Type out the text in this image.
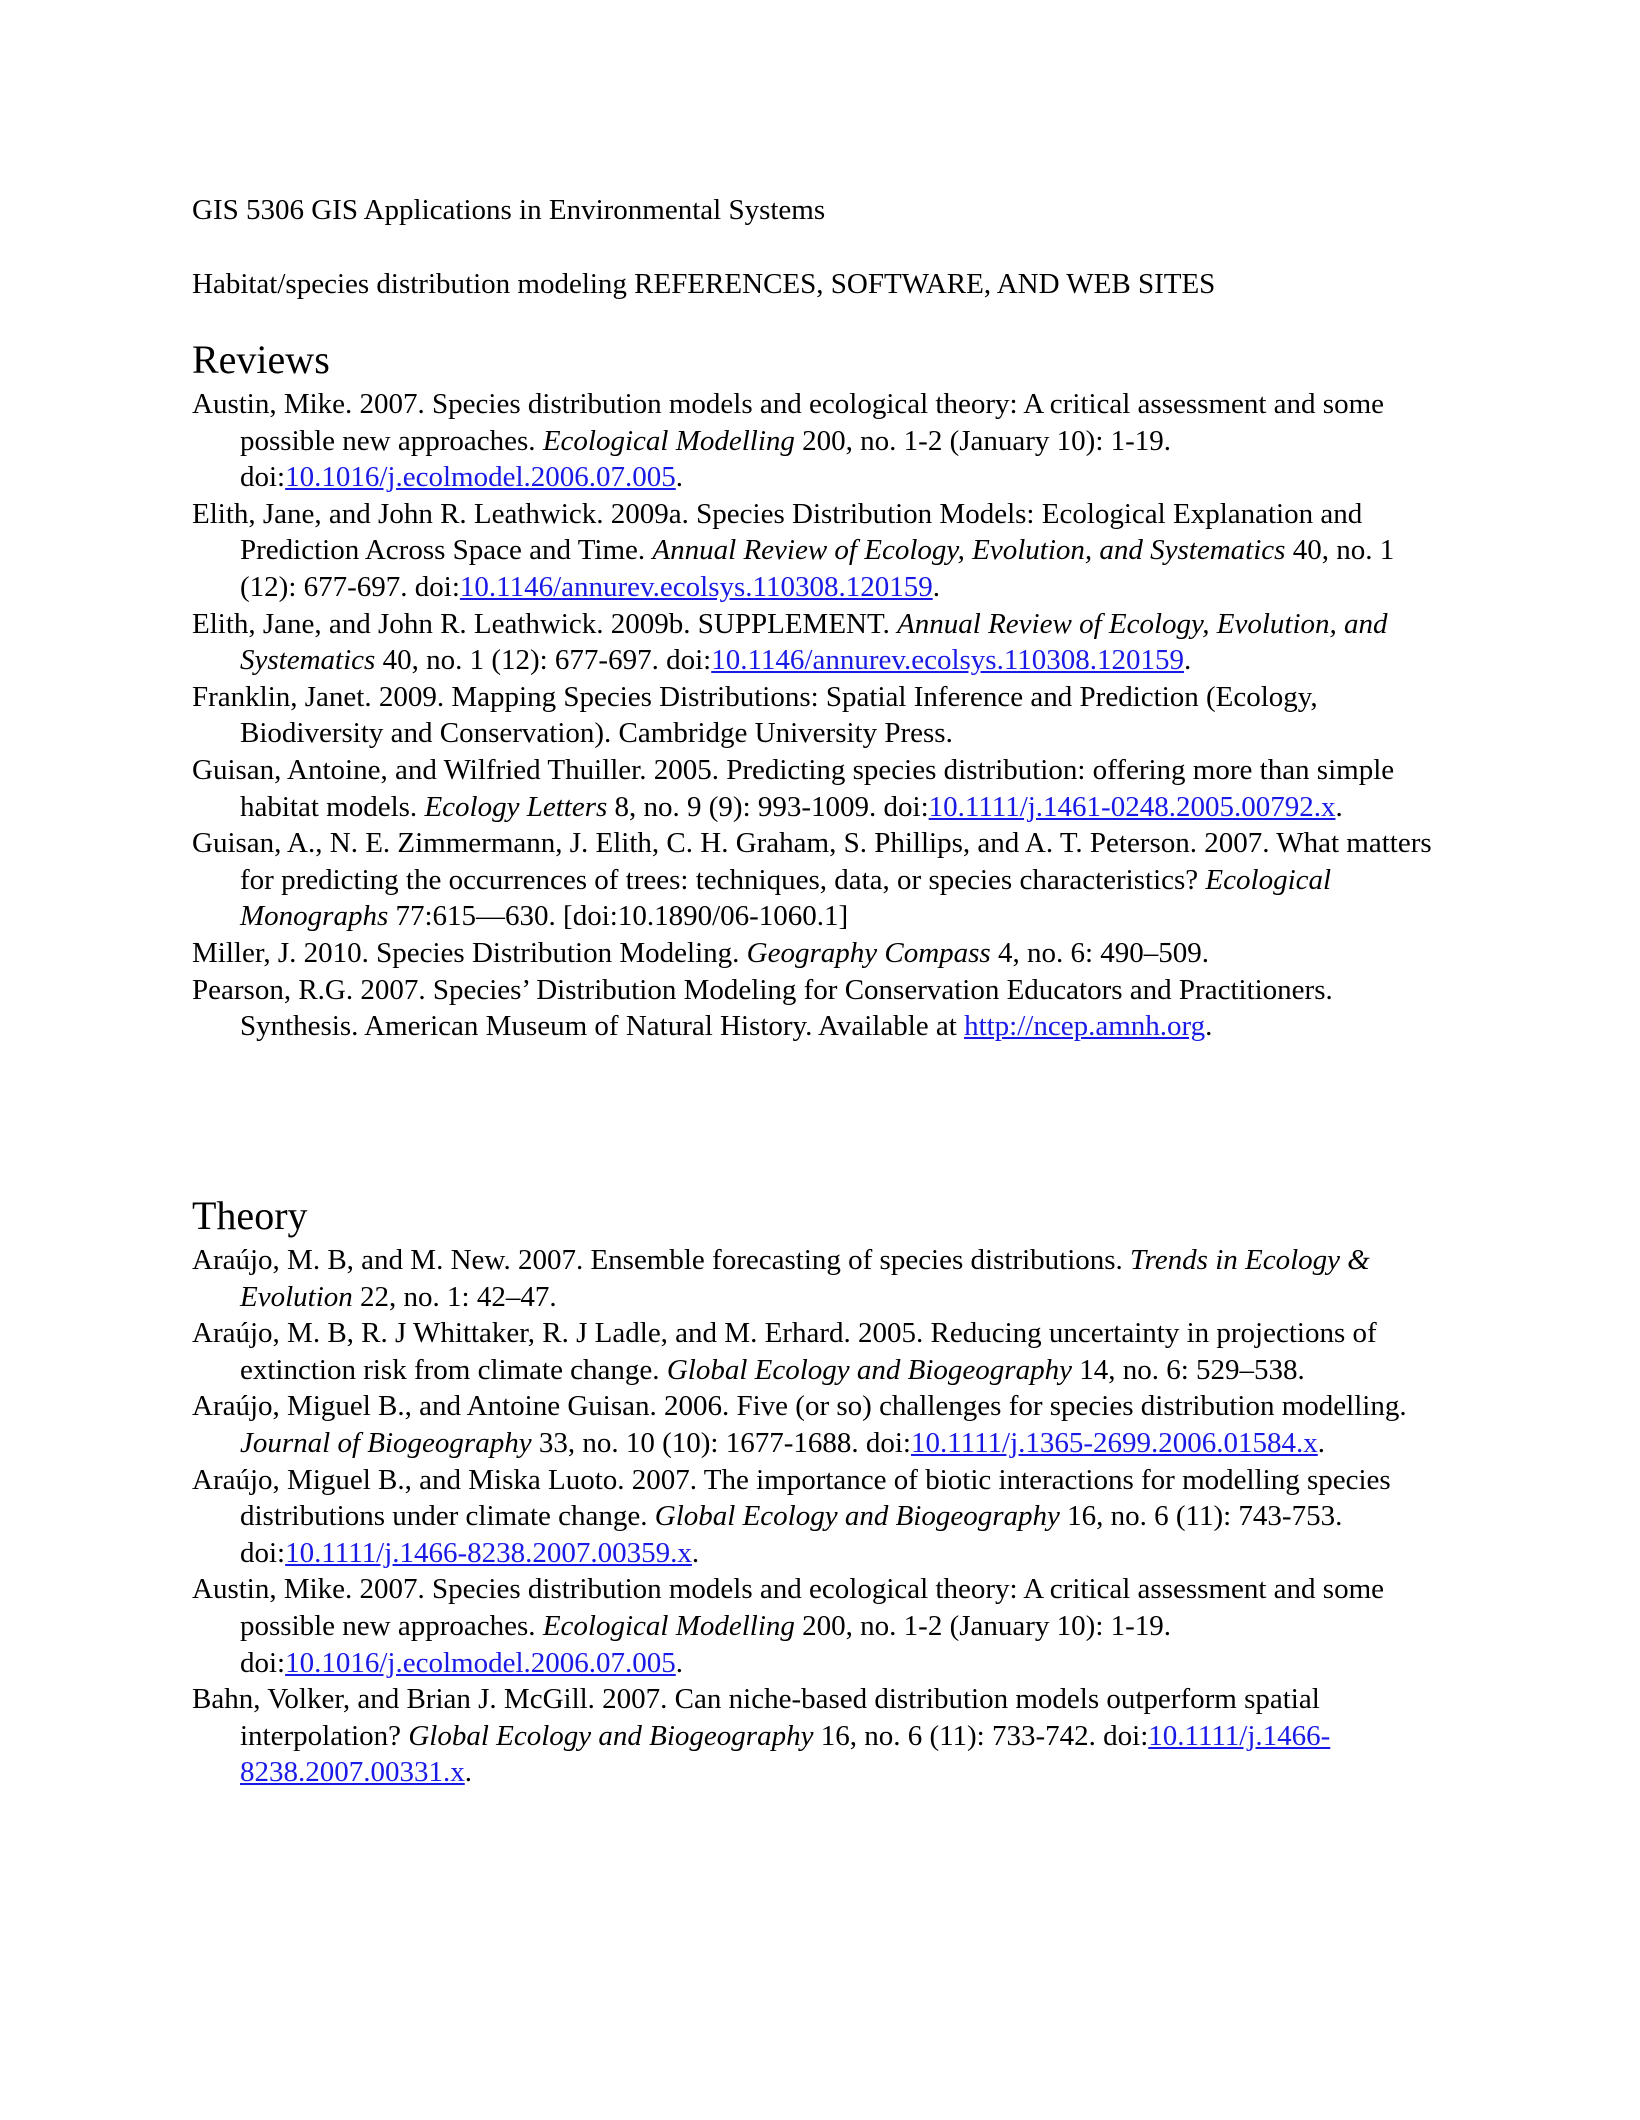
GIS 5306 GIS Applications in Environmental Systems
Habitat/species distribution modeling REFERENCES, SOFTWARE, AND WEB SITES
Reviews
Austin, Mike. 2007. Species distribution models and ecological theory: A critical assessment and some possible new approaches. Ecological Modelling 200, no. 1-2 (January 10): 1-19. doi:10.1016/j.ecolmodel.2006.07.005.
Elith, Jane, and John R. Leathwick. 2009a. Species Distribution Models: Ecological Explanation and Prediction Across Space and Time. Annual Review of Ecology, Evolution, and Systematics 40, no. 1 (12): 677-697. doi:10.1146/annurev.ecolsys.110308.120159.
Elith, Jane, and John R. Leathwick. 2009b. SUPPLEMENT. Annual Review of Ecology, Evolution, and Systematics 40, no. 1 (12): 677-697. doi:10.1146/annurev.ecolsys.110308.120159.
Franklin, Janet. 2009. Mapping Species Distributions: Spatial Inference and Prediction (Ecology, Biodiversity and Conservation). Cambridge University Press.
Guisan, Antoine, and Wilfried Thuiller. 2005. Predicting species distribution: offering more than simple habitat models. Ecology Letters 8, no. 9 (9): 993-1009. doi:10.1111/j.1461-0248.2005.00792.x.
Guisan, A., N. E. Zimmermann, J. Elith, C. H. Graham, S. Phillips, and A. T. Peterson. 2007. What matters for predicting the occurrences of trees: techniques, data, or species characteristics? Ecological Monographs 77:615—630. [doi:10.1890/06-1060.1]
Miller, J. 2010. Species Distribution Modeling. Geography Compass 4, no. 6: 490–509.
Pearson, R.G. 2007. Species’ Distribution Modeling for Conservation Educators and Practitioners. Synthesis. American Museum of Natural History. Available at http://ncep.amnh.org.
Theory
Araújo, M. B, and M. New. 2007. Ensemble forecasting of species distributions. Trends in Ecology & Evolution 22, no. 1: 42–47.
Araújo, M. B, R. J Whittaker, R. J Ladle, and M. Erhard. 2005. Reducing uncertainty in projections of extinction risk from climate change. Global Ecology and Biogeography 14, no. 6: 529–538.
Araújo, Miguel B., and Antoine Guisan. 2006. Five (or so) challenges for species distribution modelling. Journal of Biogeography 33, no. 10 (10): 1677-1688. doi:10.1111/j.1365-2699.2006.01584.x.
Araújo, Miguel B., and Miska Luoto. 2007. The importance of biotic interactions for modelling species distributions under climate change. Global Ecology and Biogeography 16, no. 6 (11): 743-753. doi:10.1111/j.1466-8238.2007.00359.x.
Austin, Mike. 2007. Species distribution models and ecological theory: A critical assessment and some possible new approaches. Ecological Modelling 200, no. 1-2 (January 10): 1-19. doi:10.1016/j.ecolmodel.2006.07.005.
Bahn, Volker, and Brian J. McGill. 2007. Can niche-based distribution models outperform spatial interpolation? Global Ecology and Biogeography 16, no. 6 (11): 733-742. doi:10.1111/j.1466-8238.2007.00331.x.
